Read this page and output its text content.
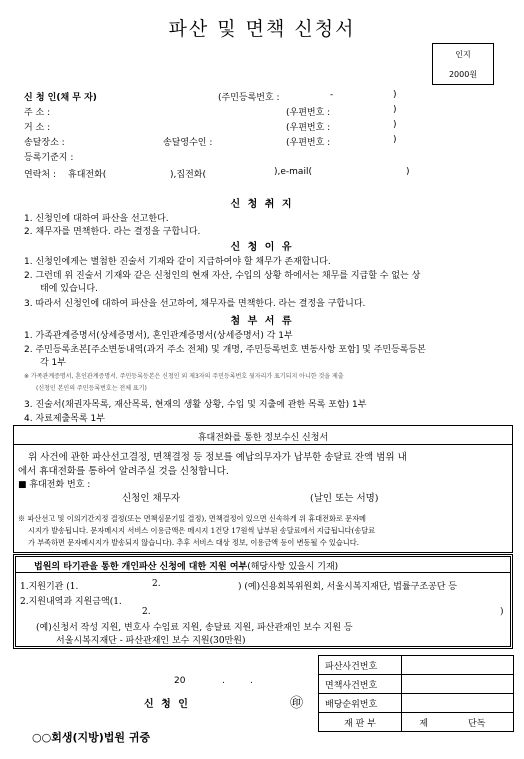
파산 및 면책 신청서
인지
2000원
신 청 인(채 무 자)	(주민등록번호 :	-	)
주 소 :	(우편번호 :	)
거 소 :	(우편번호 :	)
송달장소 :	송달영수인 :	(우편번호 :	)
등록기준지 :
연락처 : 휴대전화(	),집전화(	),e-mail(	)
신 청 취 지
1. 신청인에 대하여 파산을 선고한다.
2. 채무자를 면책한다. 라는 결정을 구합니다.
신 청 이 유
1. 신청인에게는 별첨한 진술서 기재와 같이 지급하여야 할 채무가 존재합니다.
2. 그런데 위 진술서 기재와 같은 신청인의 현재 자산, 수입의 상황 하에서는 채무를 지급할 수 없는 상
태에 있습니다.
3. 따라서 신청인에 대하여 파산을 선고하여, 채무자를 면책한다. 라는 결정을 구합니다.
첨 부 서 류
1. 가족관계증명서(상세증명서), 혼인관계증명서(상세증명서) 각 1부
2. 주민등록초본[주소변동내역(과거 주소 전체) 및 개명, 주민등록번호 변동사항 포함] 및 주민등록등본
각 1부
※ 가족관계증명서, 혼인관계증명서, 주민등록등본은 신청인 외 제3자의 주민등록번호 뒷자리가 표기되지 아니한 것을 제출
(신청인 본인의 주민등록번호는 전체 표기)
3. 진술서(채권자목록, 재산목록, 현재의 생활 상황, 수입 및 지출에 관한 목록 포함) 1부
4. 자료제출목록 1부
휴대전화를 통한 정보수신 신청서
위 사건에 관한 파산선고결정, 면책결정 등 정보를 예납의무자가 납부한 송달료 잔액 범위 내
에서 휴대전화를 통하여 알려주실 것을 신청합니다.
■ 휴대전화 번호 :
신청인 채무자	(날인 또는 서명)
※ 파산선고 및 이의기간지정 결정(또는 면책심문기일 결정), 면책결정이 있으면 신속하게 위 휴대전화로 문자메
시지가 발송됩니다. 문자메시지 서비스 이용금액은 메시지 1건당 17원씩 납부된 송달료에서 지급됩니다(송달료
가 부족하면 문자메시지가 발송되지 않습니다). 추후 서비스 대상 정보, 이용금액 등이 변동될 수 있습니다.
법원의 타기관을 통한 개인파산 신청에 대한 지원 여부(해당사항 있을시 기재)
1.지원기관 (1.	2.	) (예)신용회복위원회, 서울시복지재단, 법률구조공단 등
2.지원내역과 지원금액(1.
2.	)
(예)신청서 작성 지원, 변호사 수임료 지원, 송달료 지원, 파산관재인 보수 지원 등
서울시복지재단 - 파산관재인 보수 지원(30만원)
20	.	.
신 청 인	㊞
○○회생(지방)법원 귀중
파산사건번호			
면책사건번호			
배당순위번호			
재 판 부	제		단독
